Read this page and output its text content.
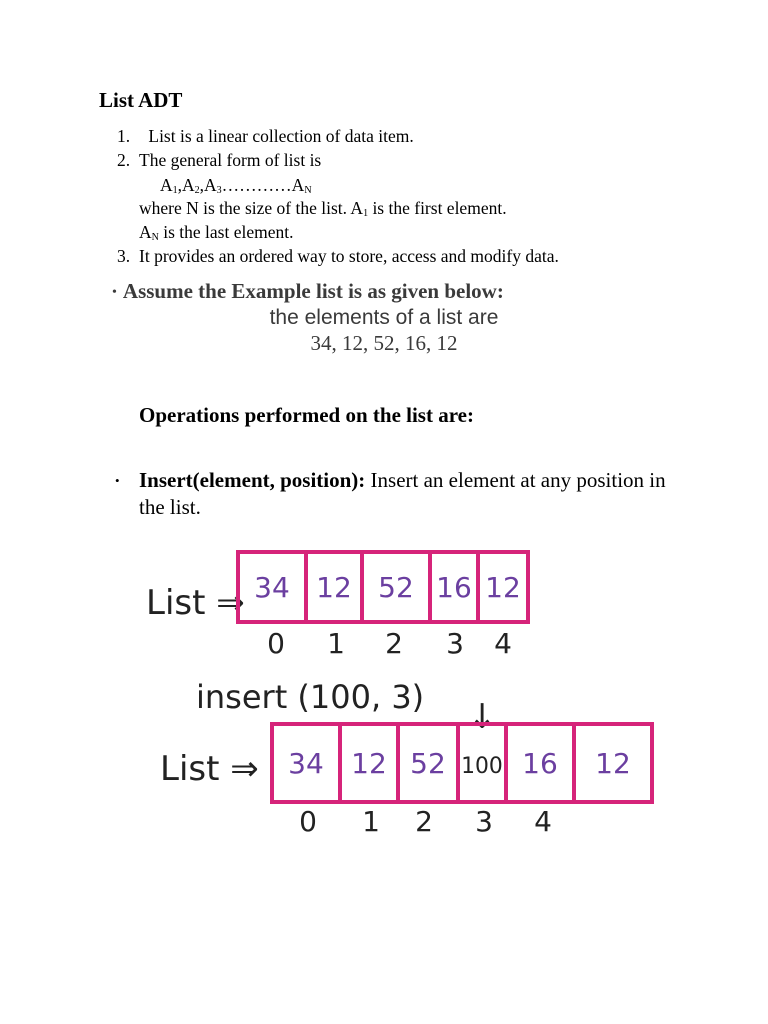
List ADT
1. List is a linear collection of data item.
2. The general form of list is
$A_1,A_2,A_3\dots\dots\dots\dots A_N$
where N is the size of the list. $A_1$ is the first element.
$A_N$ is the last element.
3. It provides an ordered way to store, access and modify data.
• Assume the Example list is as given below:
the elements of a list are
34, 12, 52, 16, 12
Operations performed on the list are:
• Insert(element, position): Insert an element at any position in the list.
List ⇒ 34 12 52 16 12
0 1 2 3 4
insert (100, 3) ↓
List ⇒ 34 12 52 100 16 12
0 1 2 3 4
